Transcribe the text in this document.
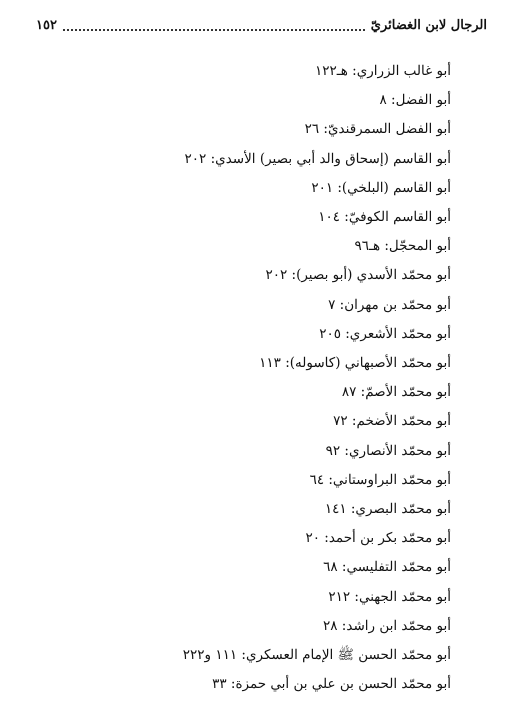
الرجال لابن الغضائريّ
١٥٢
أبو غالب الزراري: هـ١٢٢
أبو الفضل: ٨
أبو الفضل السمرقنديّ: ٢٦
أبو القاسم (إسحاق والد أبي بصير) الأسدي: ٢٠٢
أبو القاسم (البلخي): ٢٠١
أبو القاسم الكوفيّ: ١٠٤
أبو المحجّل: هـ٩٦
أبو محمّد الأسدي (أبو بصير): ٢٠٢
أبو محمّد بن مهران: ٧
أبو محمّد الأشعري: ٢٠٥
أبو محمّد الأصبهاني (كاسوله): ١١٣
أبو محمّد الأصمّ: ٨٧
أبو محمّد الأضخم: ٧٢
أبو محمّد الأنصاري: ٩٢
أبو محمّد البراوستاني: ٦٤
أبو محمّد البصري: ١٤١
أبو محمّد بكر بن أحمد: ٢٠
أبو محمّد التفليسي: ٦٨
أبو محمّد الجهني: ٢١٢
أبو محمّد ابن راشد: ٢٨
أبو محمّد الحسن ﷺ الإمام العسكري: ١١١ و٢٢٢
أبو محمّد الحسن بن علي بن أبي حمزة: ٣٣
